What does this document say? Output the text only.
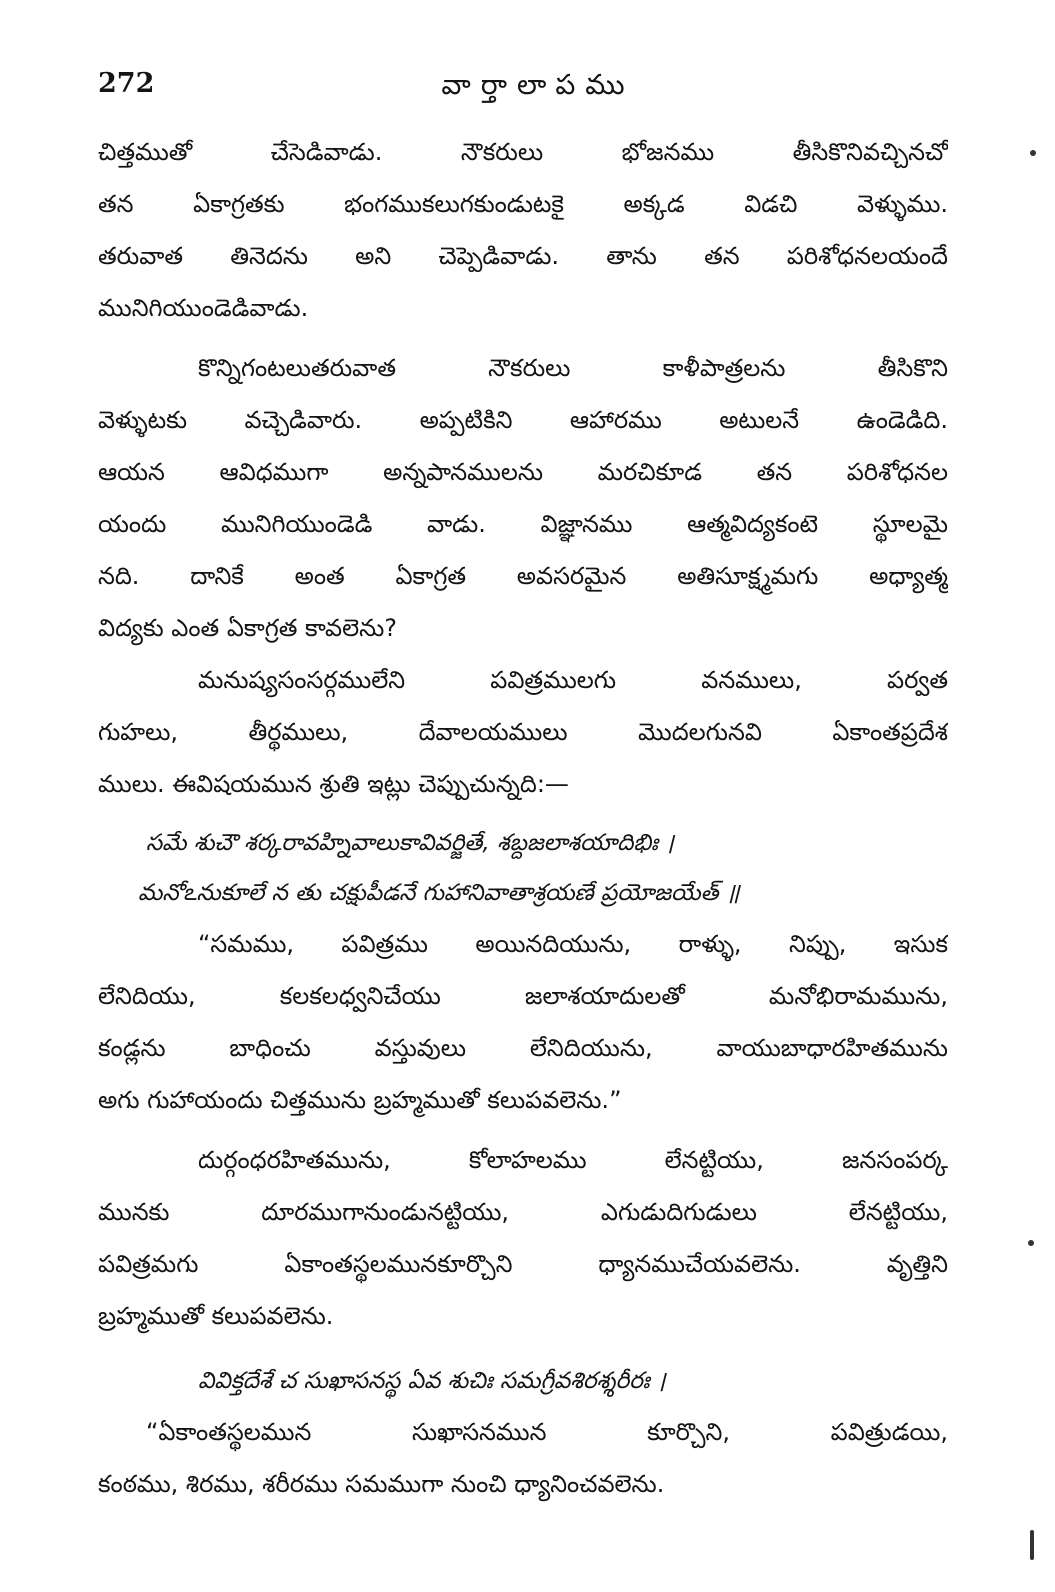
272	వార్తాలాపము
చిత్తముతో చేసెడివాడు. నౌకరులు భోజనము తీసికొనివచ్చినచో
తన ఏకాగ్రతకు భంగముకలుగకుండుటకై అక్కడ విడచి వెళ్ళుము.
తరువాత తినెదను అని చెప్పెడివాడు. తాను తన పరిశోధనలయందే
మునిగియుండెడివాడు.
కొన్నిగంటలుతరువాత నౌకరులు కాళీపాత్రలను తీసికొని
వెళ్ళుటకు వచ్చెడివారు. అప్పటికిని ఆహారము అటులనే ఉండెడిది.
ఆయన ఆవిధముగా అన్నపానములను మరచికూడ తన పరిశోధనల
యందు మునిగియుండెడి వాడు. విజ్ఞానము ఆత్మవిద్యకంటె స్థూలమై
నది. దానికే అంత ఏకాగ్రత అవసరమైన అతిసూక్ష్మమగు అధ్యాత్మ
విద్యకు ఎంత ఏకాగ్రత కావలెను?
మనుష్యసంసర్గములేని పవిత్రములగు వనములు, పర్వత
గుహలు, తీర్థములు, దేవాలయములు మొదలగునవి ఏకాంతప్రదేశ
ములు. ఈవిషయమున శ్రుతి ఇట్లు చెప్పుచున్నది:—
సమే శుచౌ శర్కరావహ్నివాలుకావివర్జితే, శబ్దజలాశయాదిభిః ।
మనోఽనుకూలే న తు చక్షుపీడనే గుహానివాతాశ్రయణే ప్రయోజయేత్ ॥
“సమము, పవిత్రము అయినదియును, రాళ్ళు, నిప్పు, ఇసుక
లేనిదియు, కలకలధ్వనిచేయు జలాశయాదులతో మనోభిరామమును,
కండ్లను బాధించు వస్తువులు లేనిదియును, వాయుబాధారహితమును
అగు గుహాయందు చిత్తమును బ్రహ్మముతో కలుపవలెను.”
దుర్గంధరహితమును, కోలాహలము లేనట్టియు, జనసంపర్క
మునకు దూరముగానుండునట్టియు, ఎగుడుదిగుడులు లేనట్టియు,
పవిత్రమగు ఏకాంతస్థలమునకూర్చొని ధ్యానముచేయవలెను. వృత్తిని
బ్రహ్మముతో కలుపవలెను.
వివిక్తదేశే చ సుఖాసనస్థ ఏవ శుచిః సమగ్రీవశిరశ్శరీరః ।
“ఏకాంతస్థలమున సుఖాసనమున కూర్చొని, పవిత్రుడయి,
కంఠము, శిరము, శరీరము సమముగా నుంచి ధ్యానించవలెను.
